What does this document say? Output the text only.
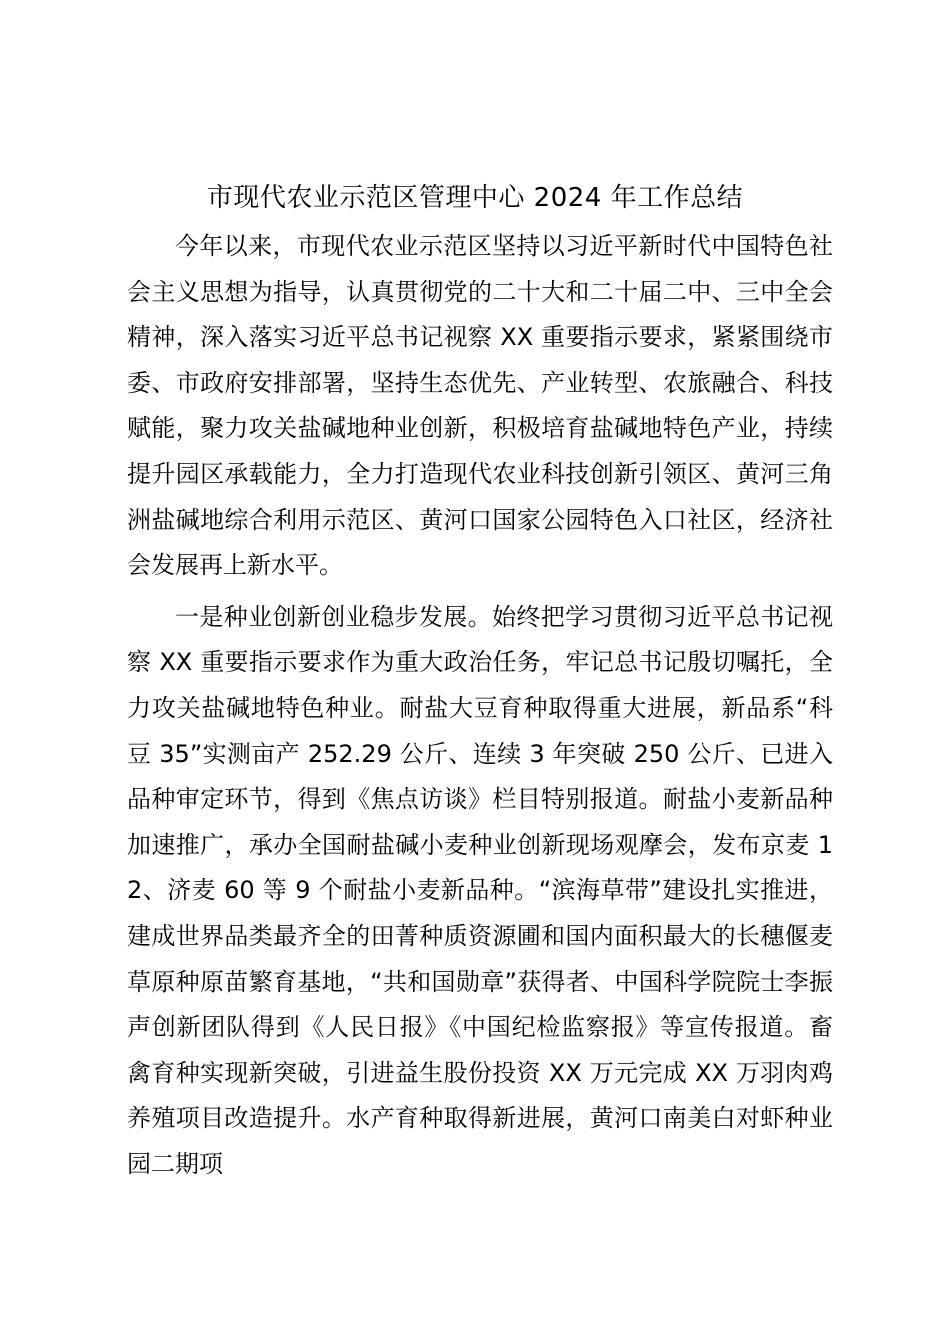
市现代农业示范区管理中心 2024 年工作总结

今年以来，市现代农业示范区坚持以习近平新时代中国特色社会主义思想为指导，认真贯彻党的二十大和二十届二中、三中全会精神，深入落实习近平总书记视察 XX 重要指示要求，紧紧围绕市委、市政府安排部署，坚持生态优先、产业转型、农旅融合、科技赋能，聚力攻关盐碱地种业创新，积极培育盐碱地特色产业，持续提升园区承载能力，全力打造现代农业科技创新引领区、黄河三角洲盐碱地综合利用示范区、黄河口国家公园特色入口社区，经济社会发展再上新水平。

一是种业创新创业稳步发展。始终把学习贯彻习近平总书记视察 XX 重要指示要求作为重大政治任务，牢记总书记殷切嘱托，全力攻关盐碱地特色种业。耐盐大豆育种取得重大进展，新品系“科豆 35”实测亩产 252.29 公斤、连续 3 年突破 250 公斤、已进入品种审定环节，得到《焦点访谈》栏目特别报道。耐盐小麦新品种加速推广，承办全国耐盐碱小麦种业创新现场观摩会，发布京麦 12、济麦 60 等 9 个耐盐小麦新品种。“滨海草带”建设扎实推进，建成世界品类最齐全的田菁种质资源圃和国内面积最大的长穗偃麦草原种原苗繁育基地，“共和国勋章”获得者、中国科学院院士李振声创新团队得到《人民日报》《中国纪检监察报》等宣传报道。畜禽育种实现新突破，引进益生股份投资 XX 万元完成 XX 万羽肉鸡养殖项目改造提升。水产育种取得新进展，黄河口南美白对虾种业园二期项
